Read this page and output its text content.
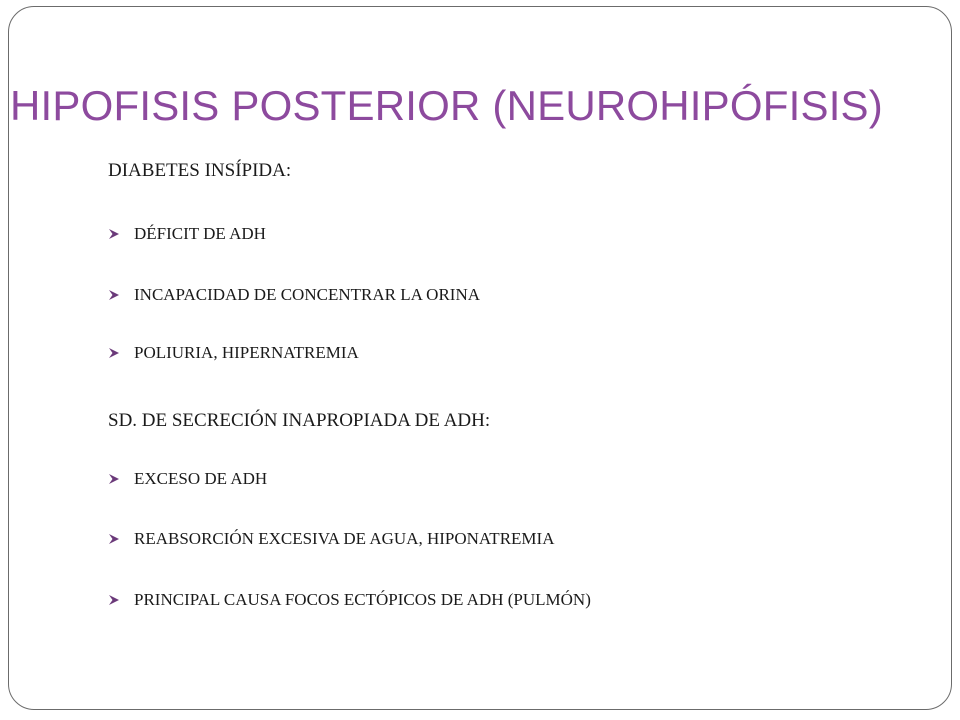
HIPOFISIS POSTERIOR (NEUROHIPÓFISIS)
DIABETES INSÍPIDA:
DÉFICIT DE ADH
INCAPACIDAD DE CONCENTRAR LA ORINA
POLIURIA, HIPERNATREMIA
SD. DE SECRECIÓN INAPROPIADA DE ADH:
EXCESO DE ADH
REABSORCIÓN EXCESIVA DE AGUA, HIPONATREMIA
PRINCIPAL CAUSA FOCOS ECTÓPICOS DE ADH (PULMÓN)
